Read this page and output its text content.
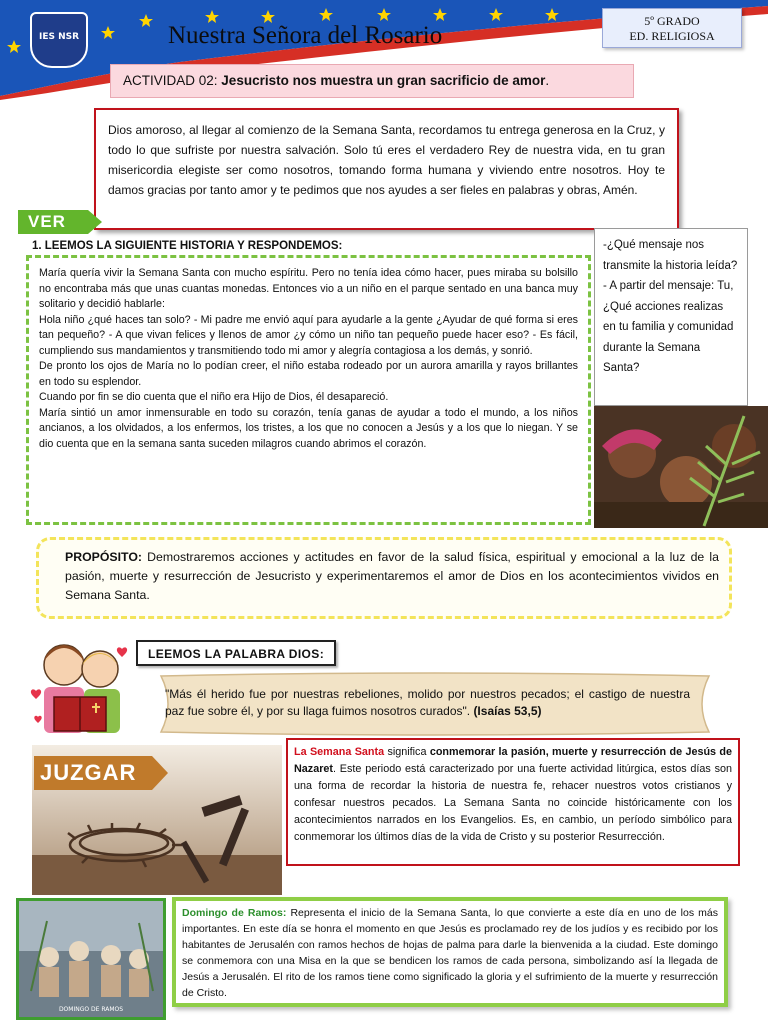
IES NSR	Nuestra Señora del Rosario
5º GRADO
ED. RELIGIOSA
ACTIVIDAD 02: Jesucristo nos muestra un gran sacrificio de amor.
Dios amoroso, al llegar al comienzo de la Semana Santa, recordamos tu entrega generosa en la Cruz, y todo lo que sufriste por nuestra salvación. Solo tú eres el verdadero Rey de nuestra vida, en tu gran misericordia elegiste ser como nosotros, tomando forma humana y viviendo entre nosotros. Hoy te damos gracias por tanto amor y te pedimos que nos ayudes a ser fieles en palabras y obras, Amén.
VER
1. LEEMOS LA SIGUIENTE HISTORIA Y RESPONDEMOS:

María quería vivir la Semana Santa con mucho espíritu. Pero no tenía idea cómo hacer, pues miraba su bolsillo no encontraba más que unas cuantas monedas. Entonces vio a un niño en el parque sentado en una banca muy solitario y decidió hablarle:

Hola niño ¿qué haces tan solo? - Mi padre me envió aquí para ayudarle a la gente ¿Ayudar de qué forma si eres tan pequeño? - A que vivan felices y llenos de amor ¿y cómo un niño tan pequeño puede hacer eso? - Es fácil, cumpliendo sus mandamientos y transmitiendo todo mi amor y alegría contagiosa a los demás, y sonrió.

De pronto los ojos de María no lo podían creer, el niño estaba rodeado por un aurora amarilla y rayos brillantes en todo su esplendor.

Cuando por fin se dio cuenta que el niño era Hijo de Dios, él desapareció.

María sintió un amor inmensurable en todo su corazón, tenía ganas de ayudar a todo el mundo, a los niños ancianos, a los olvidados, a los enfermos, los tristes, a los que no conocen a Jesús y a los que lo niegan. Y se dio cuenta que en la semana santa suceden milagros cuando abrimos el corazón.

-¿Qué mensaje nos transmite la historia leída?
- A partir del mensaje: Tu, ¿Qué acciones realizas en tu familia y comunidad durante la Semana Santa?
PROPÓSITO: Demostraremos acciones y actitudes en favor de la salud física, espiritual y emocional a la luz de la pasión, muerte y resurrección de Jesucristo y experimentaremos el amor de Dios en los acontecimientos vividos en Semana Santa.
LEEMOS LA PALABRA DIOS:
"Más él herido fue por nuestras rebeliones, molido por nuestros pecados; el castigo de nuestra paz fue sobre él, y por su llaga fuimos nosotros curados". (Isaías 53,5)
JUZGAR
La Semana Santa significa conmemorar la pasión, muerte y resurrección de Jesús de Nazaret. Este periodo está caracterizado por una fuerte actividad litúrgica, estos días son una forma de recordar la historia de nuestra fe, rehacer nuestros votos cristianos y confesar nuestros pecados. La Semana Santa no coincide históricamente con los acontecimientos narrados en los Evangelios. Es, en cambio, un período simbólico para conmemorar los últimos días de la vida de Cristo y su posterior Resurrección.
DOMINGO DE RAMOS
Domingo de Ramos: Representa el inicio de la Semana Santa, lo que convierte a este día en uno de los más importantes. En este día se honra el momento en que Jesús es proclamado rey de los judíos y es recibido por los habitantes de Jerusalén con ramos hechos de hojas de palma para darle la bienvenida a la ciudad. Este domingo se conmemora con una Misa en la que se bendicen los ramos de cada persona, simbolizando así la llegada de Jesús a Jerusalén. El rito de los ramos tiene como significado la gloria y el sufrimiento de la muerte y resurrección de Cristo.
